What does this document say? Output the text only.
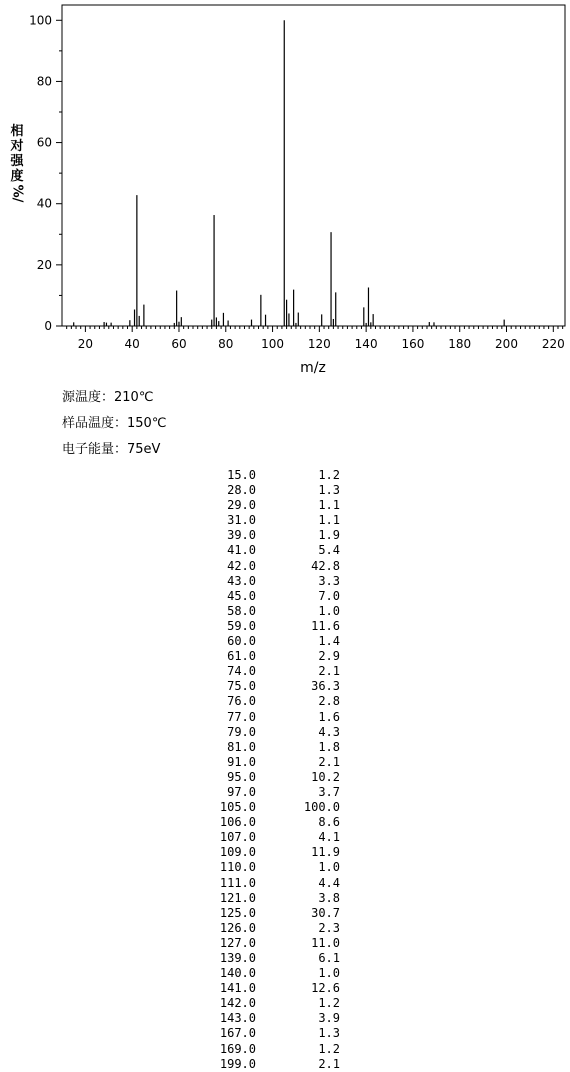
0
20
40
60
80
100
20	40	60	80 100 120 140 160 180 200 220
m/z
相
对
强
度
%/
源温度：210℃
样品温度：150℃
电子能量：75eV
15.0	1.2
28.0	1.3
29.0	1.1
31.0	1.1
39.0	1.9
41.0	5.4
42.0	42.8
43.0	3.3
45.0	7.0
58.0	1.0
59.0	11.6
60.0	1.4
61.0	2.9
74.0	2.1
75.0	36.3
76.0	2.8
77.0	1.6
79.0	4.3
81.0	1.8
91.0	2.1
95.0	10.2
97.0	3.7
105.0	100.0
106.0	8.6
107.0	4.1
109.0	11.9
110.0	1.0
111.0	4.4
121.0	3.8
125.0	30.7
126.0	2.3
127.0	11.0
139.0	6.1
140.0	1.0
141.0	12.6
142.0	1.2
143.0	3.9
167.0	1.3
169.0	1.2
199.0	2.1
